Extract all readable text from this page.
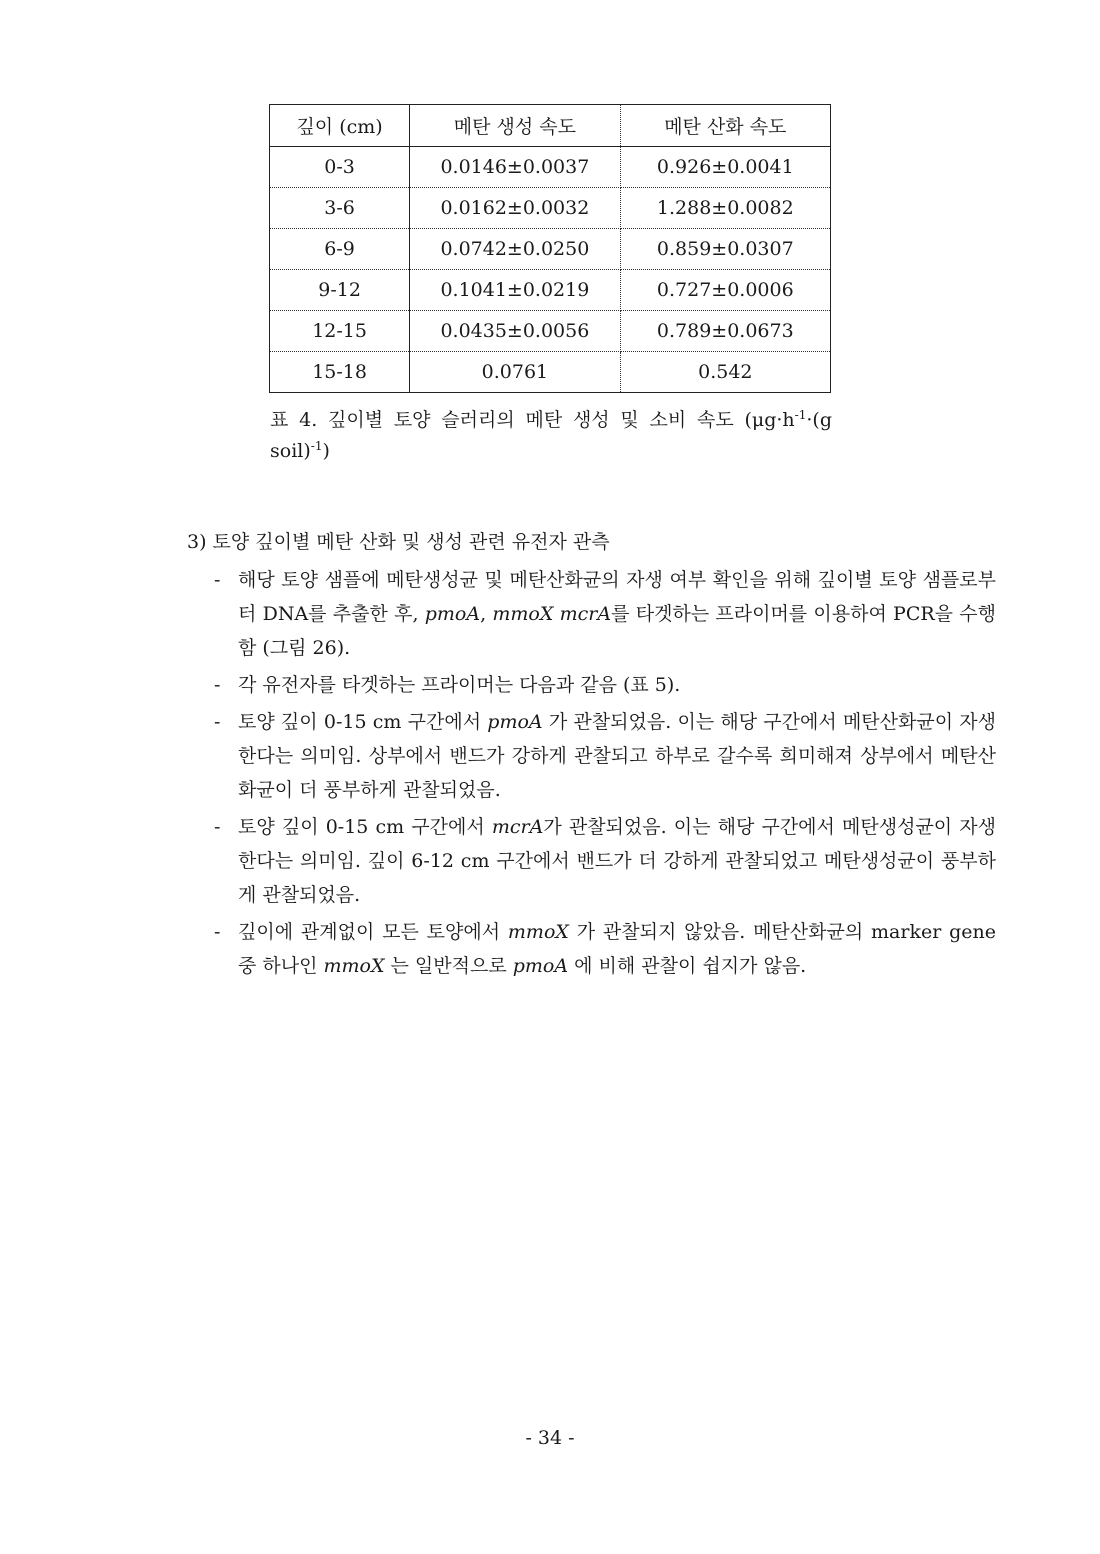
깊이 (cm)	메탄 생성 속도	메탄 산화 속도
0-3	0.0146±0.0037	0.926±0.0041
3-6	0.0162±0.0032	1.288±0.0082
6-9	0.0742±0.0250	0.859±0.0307
9-12	0.1041±0.0219	0.727±0.0006
12-15	0.0435±0.0056	0.789±0.0673
15-18	0.0761	0.542
표 4. 깊이별 토양 슬러리의 메탄 생성 및 소비 속도 ($\mu g\cdot h^{-1}\cdot(g$ soil)$^{-1}$)
3) 토양 깊이별 메탄 산화 및 생성 관련 유전자 관측
- 해당 토양 샘플에 메탄생성균 및 메탄산화균의 자생 여부 확인을 위해 깊이별 토양 샘플로부터 DNA를 추출한 후, pmoA, mmoX mcrA를 타겟하는 프라이머를 이용하여 PCR을 수행함 (그림 26).
- 각 유전자를 타겟하는 프라이머는 다음과 같음 (표 5).
- 토양 깊이 0-15 cm 구간에서 pmoA 가 관찰되었음. 이는 해당 구간에서 메탄산화균이 자생한다는 의미임. 상부에서 밴드가 강하게 관찰되고 하부로 갈수록 희미해져 상부에서 메탄산화균이 더 풍부하게 관찰되었음.
- 토양 깊이 0-15 cm 구간에서 mcrA가 관찰되었음. 이는 해당 구간에서 메탄생성균이 자생한다는 의미임. 깊이 6-12 cm 구간에서 밴드가 더 강하게 관찰되었고 메탄생성균이 풍부하게 관찰되었음.
- 깊이에 관계없이 모든 토양에서 mmoX 가 관찰되지 않았음. 메탄산화균의 marker gene 중 하나인 mmoX 는 일반적으로 pmoA 에 비해 관찰이 쉽지가 않음.
- 34 -
